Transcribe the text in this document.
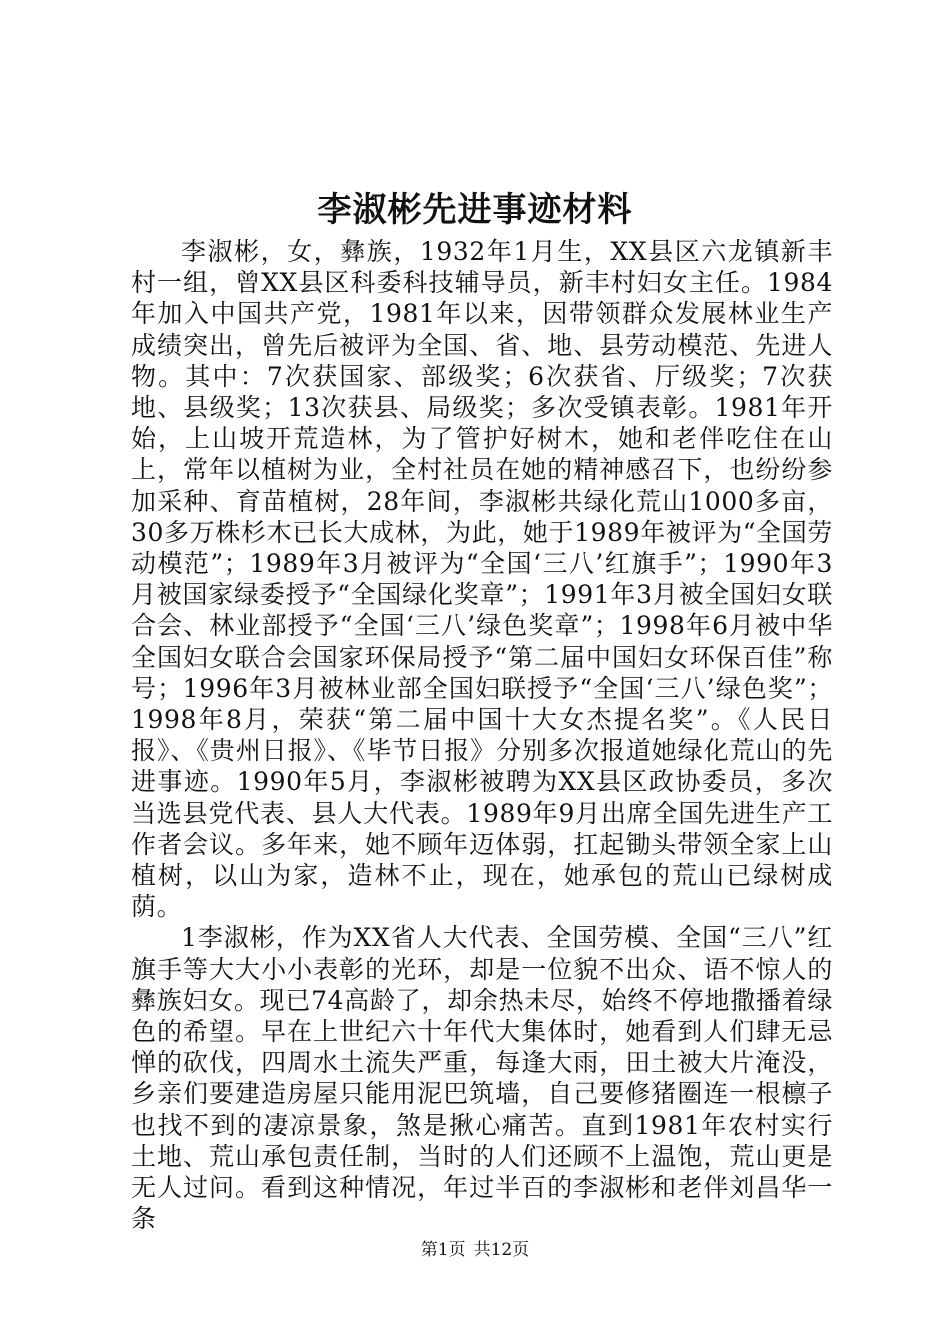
李淑彬先进事迹材料

李淑彬，女，彝族，1932年1月生，XX县区六龙镇新丰村一组，曾XX县区科委科技辅导员，新丰村妇女主任。1984年加入中国共产党，1981年以来，因带领群众发展林业生产成绩突出，曾先后被评为全国、省、地、县劳动模范、先进人物。其中：7次获国家、部级奖；6次获省、厅级奖；7次获地、县级奖；13次获县、局级奖；多次受镇表彰。1981年开始，上山坡开荒造林，为了管护好树木，她和老伴吃住在山上，常年以植树为业，全村社员在她的精神感召下，也纷纷参加采种、育苗植树，28年间，李淑彬共绿化荒山1000多亩，30多万株杉木已长大成林，为此，她于1989年被评为“全国劳动模范”；1989年3月被评为“全国‘三八’红旗手”；1990年3月被国家绿委授予“全国绿化奖章”；1991年3月被全国妇女联合会、林业部授予“全国‘三八’绿色奖章”；1998年6月被中华全国妇女联合会国家环保局授予“第二届中国妇女环保百佳”称号；1996年3月被林业部全国妇联授予“全国‘三八’绿色奖”；1998年8月，荣获“第二届中国十大女杰提名奖”。《人民日报》、《贵州日报》、《毕节日报》分别多次报道她绿化荒山的先进事迹。1990年5月，李淑彬被聘为XX县区政协委员，多次当选县党代表、县人大代表。1989年9月出席全国先进生产工作者会议。多年来，她不顾年迈体弱，扛起锄头带领全家上山植树，以山为家，造林不止，现在，她承包的荒山已绿树成荫。

1李淑彬，作为XX省人大代表、全国劳模、全国“三八”红旗手等大大小小表彰的光环，却是一位貌不出众、语不惊人的彝族妇女。现已74高龄了，却余热未尽，始终不停地撒播着绿色的希望。早在上世纪六十年代大集体时，她看到人们肆无忌惮的砍伐，四周水土流失严重，每逢大雨，田土被大片淹没，乡亲们要建造房屋只能用泥巴筑墙，自己要修猪圈连一根檩子也找不到的凄凉景象，煞是揪心痛苦。直到1981年农村实行土地、荒山承包责任制，当时的人们还顾不上温饱，荒山更是无人过问。看到这种情况，年过半百的李淑彬和老伴刘昌华一条

第1页 共12页
